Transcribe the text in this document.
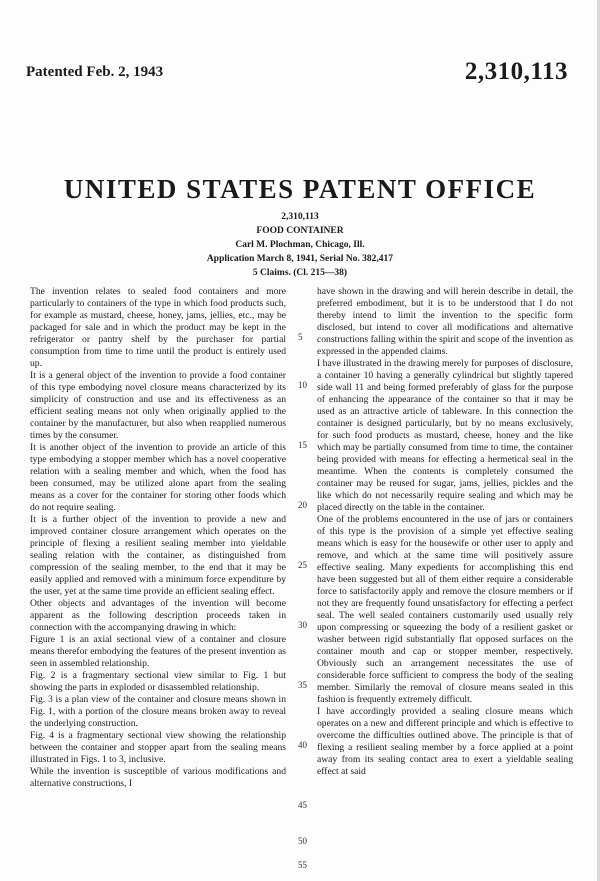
Patented Feb. 2, 1943	2,310,113
UNITED STATES PATENT OFFICE
2,310,113
FOOD CONTAINER
Carl M. Plochman, Chicago, Ill.
Application March 8, 1941, Serial No. 382,417
5 Claims. (Cl. 215—38)

The invention relates to sealed food containers and more particularly to containers of the type in which food products such, for example as mustard, cheese, honey, jams, jellies, etc., may be packaged for sale and in which the product may be kept in the refrigerator or pantry shelf by the purchaser for partial consumption from time to time until the product is entirely used up.

It is a general object of the invention to provide a food container of this type embodying novel closure means characterized by its simplicity of construction and use and its effectiveness as an efficient sealing means not only when originally applied to the container by the manufacturer, but also when reapplied numerous times by the consumer.

It is another object of the invention to provide an article of this type embodying a stopper member which has a novel cooperative relation with a sealing member and which, when the food has been consumed, may be utilized alone apart from the sealing means as a cover for the container for storing other foods which do not require sealing.

It is a further object of the invention to provide a new and improved container closure arrangement which operates on the principle of flexing a resilient sealing member into yieldable sealing relation with the container, as distinguished from compression of the sealing member, to the end that it may be easily applied and removed with a minimum force expenditure by the user, yet at the same time provide an efficient sealing effect.

Other objects and advantages of the invention will become apparent as the following description proceeds taken in connection with the accompanying drawing in which:

Figure 1 is an axial sectional view of a container and closure means therefor embodying the features of the present invention as seen in assembled relationship.

Fig. 2 is a fragmentary sectional view similar to Fig. 1 but showing the parts in exploded or disassembled relationship.

Fig. 3 is a plan view of the container and closure means shown in Fig. 1, with a portion of the closure means broken away to reveal the underlying construction.

Fig. 4 is a fragmentary sectional view showing the relationship between the container and stopper apart from the sealing means illustrated in Figs. 1 to 3, inclusive.

While the invention is susceptible of various modifications and alternative constructions, I

5
10
15
20
25
30
35
40
45
50
55

have shown in the drawing and will herein describe in detail, the preferred embodiment, but it is to be understood that I do not thereby intend to limit the invention to the specific form disclosed, but intend to cover all modifications and alternative constructions falling within the spirit and scope of the invention as expressed in the appended claims.

I have illustrated in the drawing merely for purposes of disclosure, a container 10 having a generally cylindrical but slightly tapered side wall 11 and being formed preferably of glass for the purpose of enhancing the appearance of the container so that it may be used as an attractive article of tableware. In this connection the container is designed particularly, but by no means exclusively, for such food products as mustard, cheese, honey and the like which may be partially consumed from time to time, the container being provided with means for effecting a hermetical seal in the meantime. When the contents is completely consumed the container may be reused for sugar, jams, jellies, pickles and the like which do not necessarily require sealing and which may be placed directly on the table in the container.

One of the problems encountered in the use of jars or containers of this type is the provision of a simple yet effective sealing means which is easy for the housewife or other user to apply and remove, and which at the same time will positively assure effective sealing. Many expedients for accomplishing this end have been suggested but all of them either require a considerable force to satisfactorily apply and remove the closure members or if not they are frequently found unsatisfactory for effecting a perfect seal. The well sealed containers customarily used usually rely upon compressing or squeezing the body of a resilient gasket or washer between rigid substantially flat opposed surfaces on the container mouth and cap or stopper member, respectively. Obviously such an arrangement necessitates the use of considerable force sufficient to compress the body of the sealing member. Similarly the removal of closure means sealed in this fashion is frequently extremely difficult.

I have accordingly provided a sealing closure means which operates on a new and different principle and which is effective to overcome the difficulties outlined above. The principle is that of flexing a resilient sealing member by a force applied at a point away from its sealing contact area to exert a yieldable sealing effect at said
